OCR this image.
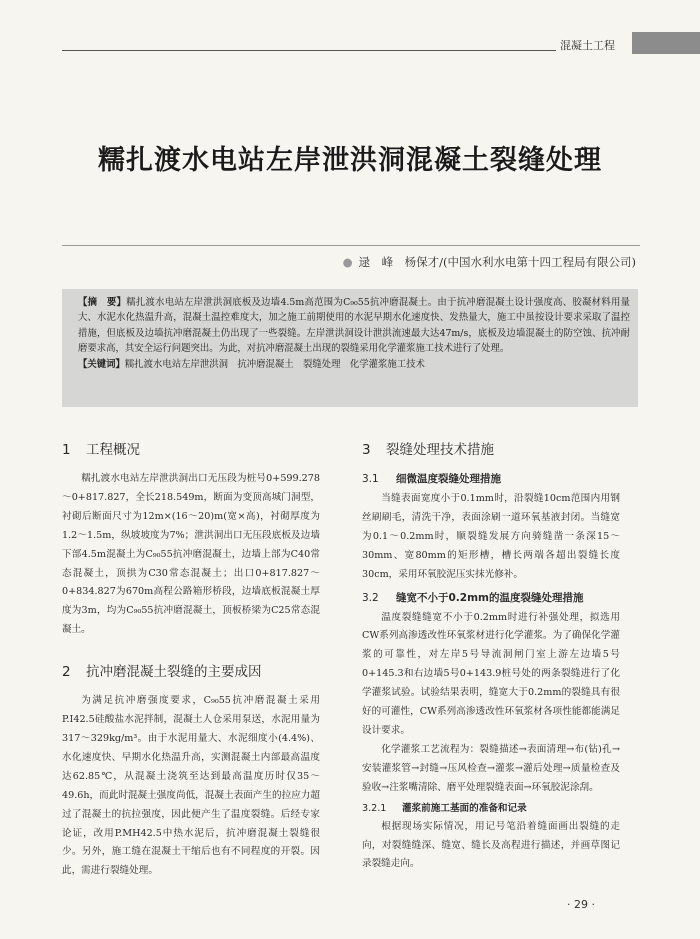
混凝土工程
糯扎渡水电站左岸泄洪洞混凝土裂缝处理
● 逯　峰　杨保才/(中国水利水电第十四工程局有限公司)
【摘　要】糯扎渡水电站左岸泄洪洞底板及边墙4.5m高范围为C₉₀55抗冲磨混凝土。由于抗冲磨混凝土设计强度高、胶凝材料用量大、水泥水化热温升高，混凝土温控难度大，加之施工前期使用的水泥早期水化速度快、发热量大，施工中虽按设计要求采取了温控措施，但底板及边墙抗冲磨混凝土仍出现了一些裂缝。左岸泄洪洞设计泄洪流速最大达47m/s，底板及边墙混凝土的防空蚀、抗冲耐磨要求高，其安全运行问题突出。为此，对抗冲磨混凝土出现的裂缝采用化学灌浆施工技术进行了处理。
【关键词】糯扎渡水电站左岸泄洪洞　抗冲磨混凝土　裂缝处理　化学灌浆施工技术
1 工程概况

糯扎渡水电站左岸泄洪洞出口无压段为桩号0+599.278～0+817.827，全长218.549m，断面为变顶高城门洞型，衬砌后断面尺寸为12m×(16～20)m(宽×高)，衬砌厚度为1.2～1.5m，纵坡坡度为7%；泄洪洞出口无压段底板及边墙下部4.5m混凝土为C₉₀55抗冲磨混凝土，边墙上部为C40常态混凝土，顶拱为C30常态混凝土；出口0+817.827～0+834.827为670m高程公路箱形桥段，边墙底板混凝土厚度为3m，均为C₉₀55抗冲磨混凝土，顶板桥梁为C25常态混凝土。

2 抗冲磨混凝土裂缝的主要成因

为满足抗冲磨强度要求，C₉₀55抗冲磨混凝土采用P.I42.5硅酸盐水泥拌制，混凝土人仓采用泵送，水泥用量为317～329kg/m³。由于水泥用量大、水泥细度小(4.4%)、水化速度快、早期水化热温升高，实测混凝土内部最高温度达62.85℃，从混凝土浇筑至达到最高温度历时仅35～49.6h，而此时混凝土强度尚低，混凝土表面产生的拉应力超过了混凝土的抗拉强度，因此便产生了温度裂缝。后经专家论证，改用P.MH42.5中热水泥后，抗冲磨混凝土裂缝很少。另外，施工缝在混凝土干缩后也有不同程度的开裂。因此，需进行裂缝处理。

3 裂缝处理技术措施
3.1 细微温度裂缝处理措施

当缝表面宽度小于0.1mm时，沿裂缝10cm范围内用钢丝刷刷毛，清洗干净，表面涂刷一道环氧基液封闭。当缝宽为0.1～0.2mm时，顺裂缝发展方向骑缝凿一条深15～30mm、宽80mm的矩形槽，槽长两端各超出裂缝长度30cm，采用环氧胶泥压实抹光修补。

3.2 缝宽不小于0.2mm的温度裂缝处理措施

温度裂缝缝宽不小于0.2mm时进行补强处理，拟选用CW系列高渗透改性环氧浆材进行化学灌浆。为了确保化学灌浆的可靠性，对左岸5号导流洞闸门室上游左边墙5号0+145.3和右边墙5号0+143.9桩号处的两条裂缝进行了化学灌浆试验。试验结果表明，缝宽大于0.2mm的裂缝具有很好的可灌性，CW系列高渗透改性环氧浆材各项性能都能满足设计要求。

化学灌浆工艺流程为：裂缝描述→表面清理→布(钻)孔→安装灌浆管→封缝→压风检查→灌浆→灌后处理→质量检查及验收→注浆嘴清除、磨平处理裂缝表面→环氧胶泥涂刮。

3.2.1 灌浆前施工基面的准备和记录

根据现场实际情况，用记号笔沿着缝面画出裂缝的走向，对裂缝缝深、缝宽、缝长及高程进行描述，并画草图记录裂缝走向。

· 29 ·
